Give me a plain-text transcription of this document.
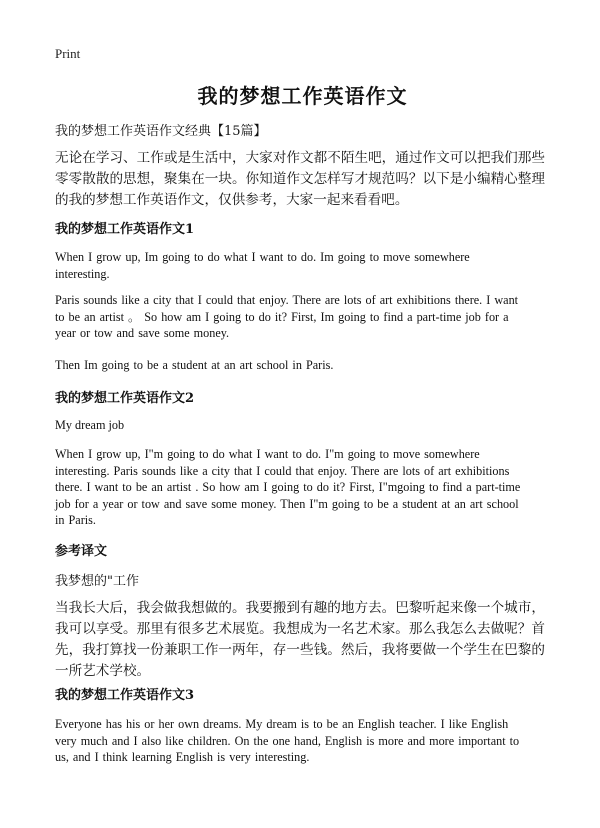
Print
我的梦想工作英语作文
我的梦想工作英语作文经典【15篇】
无论在学习、工作或是生活中，大家对作文都不陌生吧，通过作文可以把我们那些零零散散的思想，聚集在一块。你知道作文怎样写才规范吗？以下是小编精心整理的我的梦想工作英语作文，仅供参考，大家一起来看看吧。
我的梦想工作英语作文1
When I grow up, Im going to do what I want to do. Im going to move somewhere interesting.
Paris sounds like a city that I could that enjoy. There are lots of art exhibitions there. I want to be an artist 。 So how am I going to do it? First, Im going to find a part-time job for a year or tow and save some money.
Then Im going to be a student at an art school in Paris.
我的梦想工作英语作文2
My dream job
When I grow up, I"m going to do what I want to do. I"m going to move somewhere interesting. Paris sounds like a city that I could that enjoy. There are lots of art exhibitions there. I want to be an artist . So how am I going to do it? First, I"mgoing to find a part-time job for a year or tow and save some money. Then I"m going to be a student at an art school in Paris.
参考译文
我梦想的"工作
当我长大后，我会做我想做的。我要搬到有趣的地方去。巴黎听起来像一个城市，我可以享受。那里有很多艺术展览。我想成为一名艺术家。那么我怎么去做呢？首先，我打算找一份兼职工作一两年，存一些钱。然后，我将要做一个学生在巴黎的一所艺术学校。
我的梦想工作英语作文3
Everyone has his or her own dreams. My dream is to be an English teacher. I like English very much and I also like children. On the one hand, English is more and more important to us, and I think learning English is very interesting.
